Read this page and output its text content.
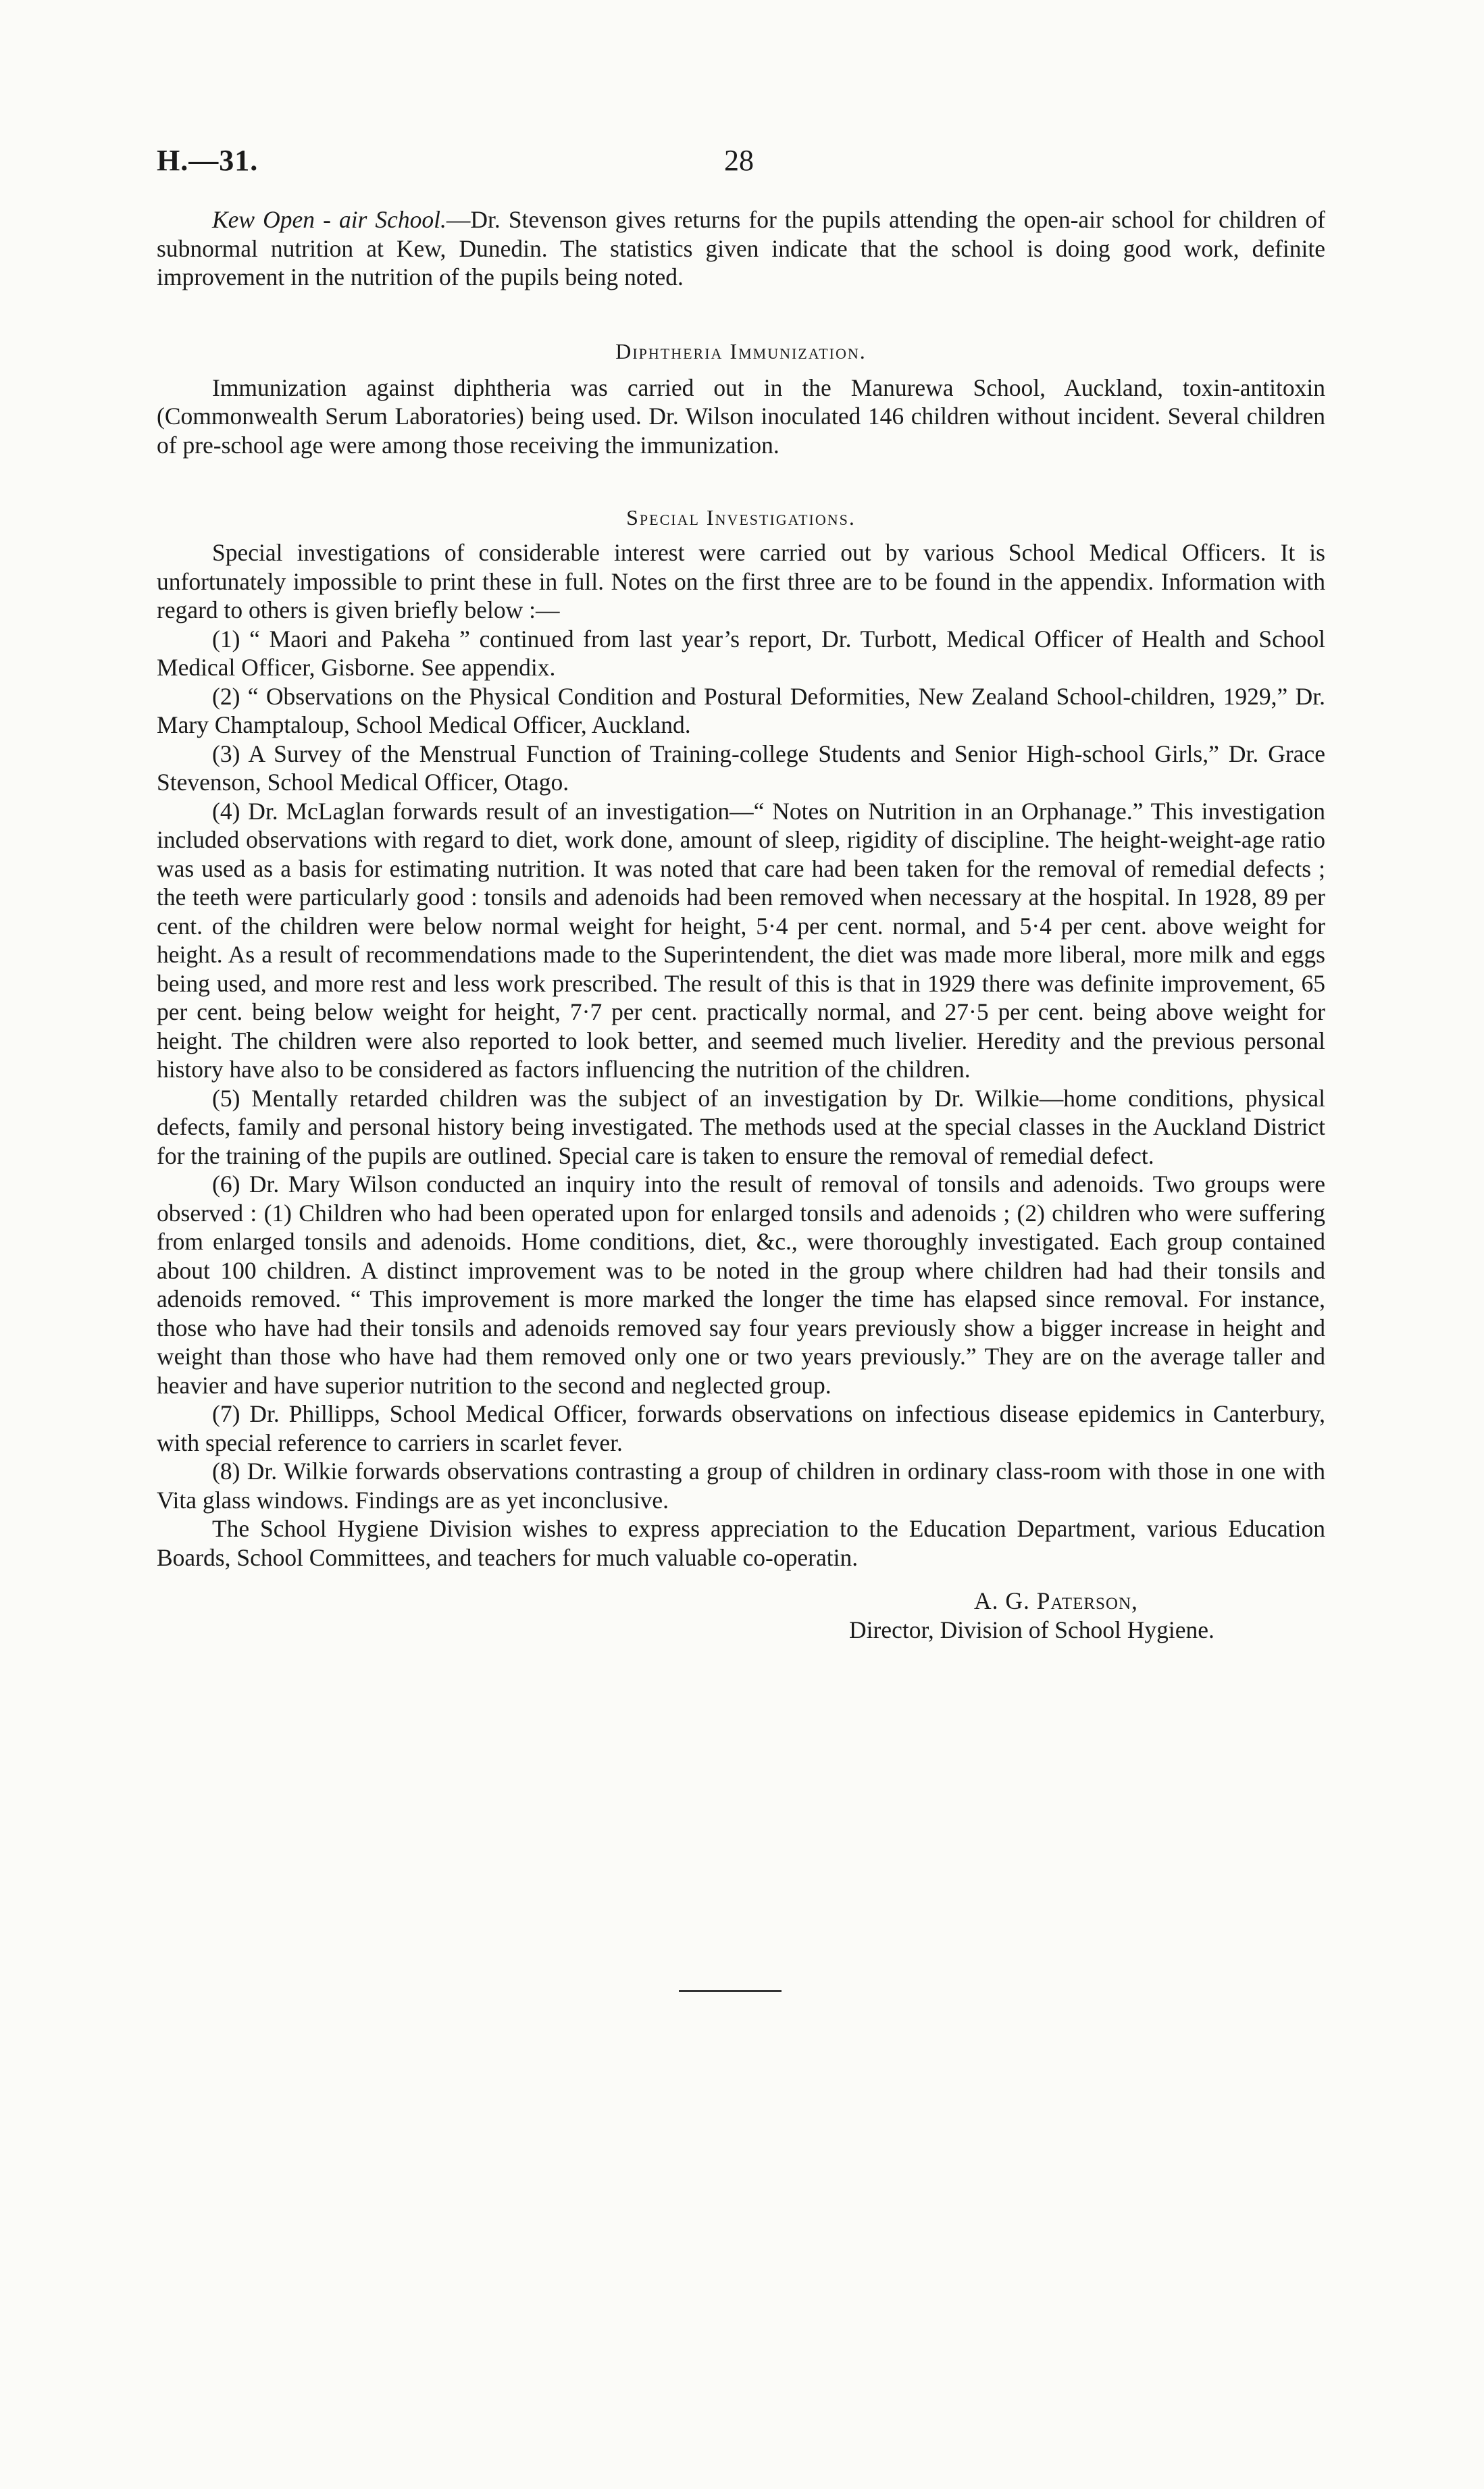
H.—31.	28

Kew Open - air School.—Dr. Stevenson gives returns for the pupils attending the open-air school for children of subnormal nutrition at Kew, Dunedin. The statistics given indicate that the school is doing good work, definite improvement in the nutrition of the pupils being noted.

Diphtheria Immunization.

Immunization against diphtheria was carried out in the Manurewa School, Auckland, toxin-antitoxin (Commonwealth Serum Laboratories) being used. Dr. Wilson inoculated 146 children without incident. Several children of pre-school age were among those receiving the immunization.

Special Investigations.

Special investigations of considerable interest were carried out by various School Medical Officers. It is unfortunately impossible to print these in full. Notes on the first three are to be found in the appendix. Information with regard to others is given briefly below :—

(1) “ Maori and Pakeha ” continued from last year’s report, Dr. Turbott, Medical Officer of Health and School Medical Officer, Gisborne. See appendix.

(2) “ Observations on the Physical Condition and Postural Deformities, New Zealand School-children, 1929,” Dr. Mary Champtaloup, School Medical Officer, Auckland.

(3) A Survey of the Menstrual Function of Training-college Students and Senior High-school Girls,” Dr. Grace Stevenson, School Medical Officer, Otago.

(4) Dr. McLaglan forwards result of an investigation—“ Notes on Nutrition in an Orphanage.” This investigation included observations with regard to diet, work done, amount of sleep, rigidity of discipline. The height-weight-age ratio was used as a basis for estimating nutrition. It was noted that care had been taken for the removal of remedial defects ; the teeth were particularly good : tonsils and adenoids had been removed when necessary at the hospital. In 1928, 89 per cent. of the children were below normal weight for height, 5·4 per cent. normal, and 5·4 per cent. above weight for height. As a result of recommendations made to the Superintendent, the diet was made more liberal, more milk and eggs being used, and more rest and less work prescribed. The result of this is that in 1929 there was definite improvement, 65 per cent. being below weight for height, 7·7 per cent. practically normal, and 27·5 per cent. being above weight for height. The children were also reported to look better, and seemed much livelier. Heredity and the previous personal history have also to be considered as factors influencing the nutrition of the children.

(5) Mentally retarded children was the subject of an investigation by Dr. Wilkie—home conditions, physical defects, family and personal history being investigated. The methods used at the special classes in the Auckland District for the training of the pupils are outlined. Special care is taken to ensure the removal of remedial defect.

(6) Dr. Mary Wilson conducted an inquiry into the result of removal of tonsils and adenoids. Two groups were observed : (1) Children who had been operated upon for enlarged tonsils and adenoids ; (2) children who were suffering from enlarged tonsils and adenoids. Home conditions, diet, &c., were thoroughly investigated. Each group contained about 100 children. A distinct improvement was to be noted in the group where children had had their tonsils and adenoids removed. “ This improvement is more marked the longer the time has elapsed since removal. For instance, those who have had their tonsils and adenoids removed say four years previously show a bigger increase in height and weight than those who have had them removed only one or two years previously.” They are on the average taller and heavier and have superior nutrition to the second and neglected group.

(7) Dr. Phillipps, School Medical Officer, forwards observations on infectious disease epidemics in Canterbury, with special reference to carriers in scarlet fever.

(8) Dr. Wilkie forwards observations contrasting a group of children in ordinary class-room with those in one with Vita glass windows. Findings are as yet inconclusive.

The School Hygiene Division wishes to express appreciation to the Education Department, various Education Boards, School Committees, and teachers for much valuable co-operatin.

A. G. Paterson,
Director, Division of School Hygiene.
